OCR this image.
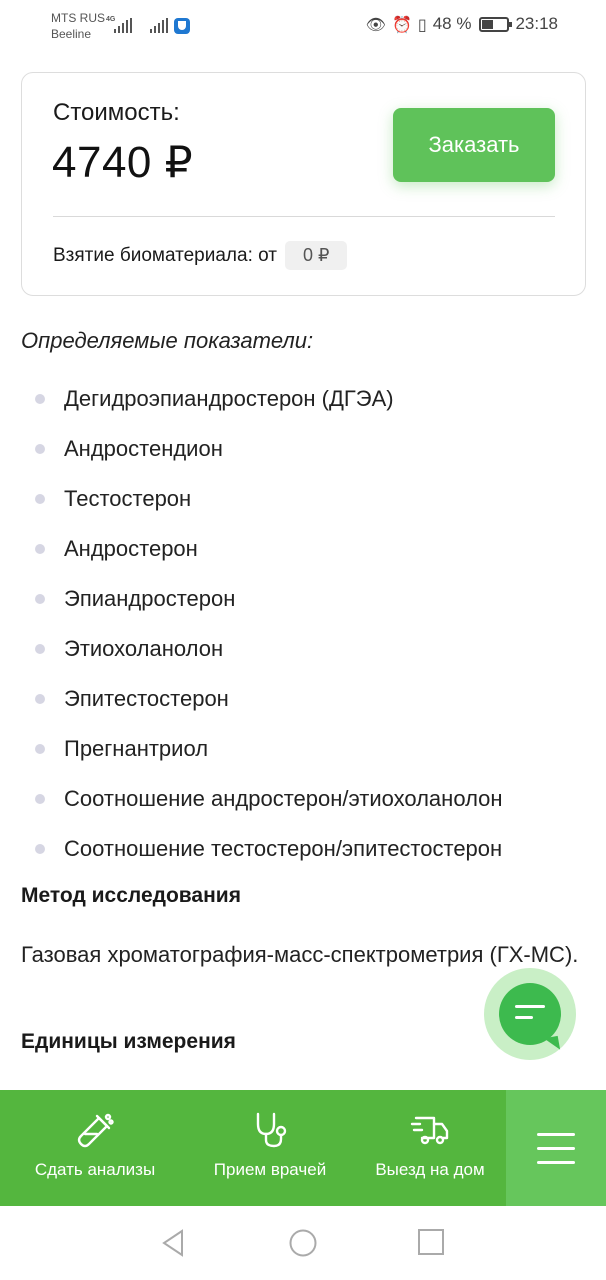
MTS RUS
Beeline
4G	👁 ⏰ ▯ 48 %	23:18
Стоимость:
4740 ₽	Заказать
Взятие биоматериала: от	0 ₽
Определяемые показатели:
Дегидроэпиандростерон (ДГЭА)
Андростендион
Тестостерон
Андростерон
Эпиандростерон
Этиохоланолон
Эпитестостерон
Прегнантриол
Соотношение андростерон/этиохоланолон
Соотношение тестостерон/эпитестостерон
Метод исследования
Газовая хроматография-масс-спектрометрия (ГХ-МС).
Единицы измерения
Сдать анализы	Прием врачей	Выезд на дом
